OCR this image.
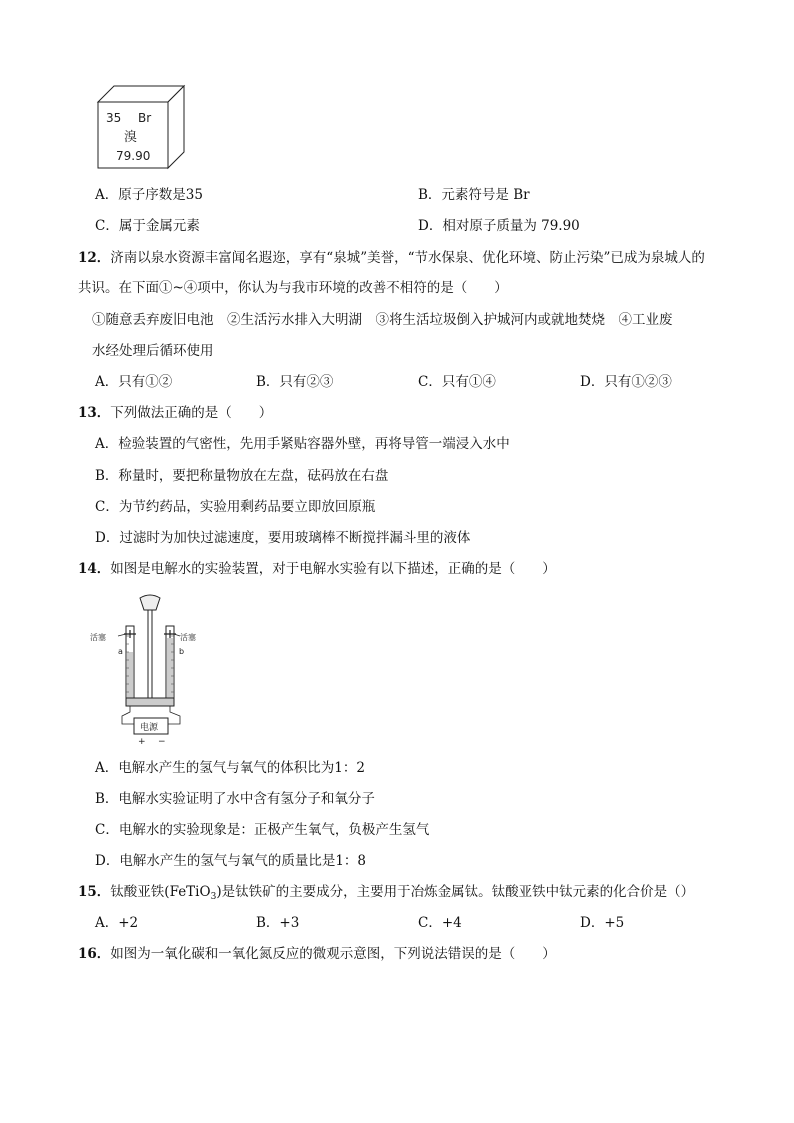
35 Br
溴
79.90
A．原子序数是35	B．元素符号是 Br
C．属于金属元素	D．相对原子质量为 79.90
12．济南以泉水资源丰富闻名遐迩，享有“泉城”美誉，“节水保泉、优化环境、防止污染”已成为泉城人的
共识。在下面①~④项中，你认为与我市环境的改善不相符的是（　　）
①随意丢弃废旧电池　②生活污水排入大明湖　③将生活垃圾倒入护城河内或就地焚烧　④工业废
水经处理后循环使用
A．只有①②	B．只有②③	C．只有①④	D．只有①②③
13．下列做法正确的是（　　）
A．检验装置的气密性，先用手紧贴容器外壁，再将导管一端浸入水中
B．称量时，要把称量物放在左盘，砝码放在右盘
C．为节约药品，实验用剩药品要立即放回原瓶
D．过滤时为加快过滤速度，要用玻璃棒不断搅拌漏斗里的液体
14．如图是电解水的实验装置，对于电解水实验有以下描述，正确的是（　　）
活塞	活塞
a	b
电源
+ −
A．电解水产生的氢气与氧气的体积比为1：2
B．电解水实验证明了水中含有氢分子和氧分子
C．电解水的实验现象是：正极产生氧气，负极产生氢气
D．电解水产生的氢气与氧气的质量比是1：8
15．钛酸亚铁(FeTiO$_3$)是钛铁矿的主要成分，主要用于冶炼金属钛。钛酸亚铁中钛元素的化合价是（）
A．+2	B．+3	C．+4	D．+5
16．如图为一氧化碳和一氧化氮反应的微观示意图，下列说法错误的是（　　）
